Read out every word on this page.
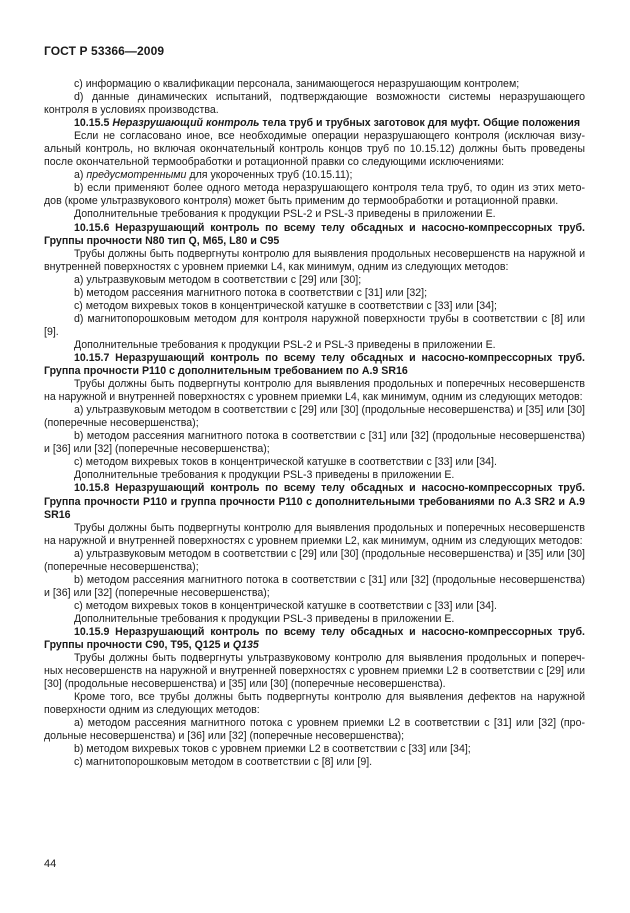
ГОСТ Р 53366—2009

c) информацию о квалификации персонала, занимающегося неразрушающим контролем;

d) данные динамических испытаний, подтверждающие возможности системы неразрушающего контроля в условиях производства.

10.15.5 Неразрушающий контроль тела труб и трубных заготовок для муфт. Общие положения

Если не согласовано иное, все необходимые операции неразрушающего контроля (исключая визуальный контроль, но включая окончательный контроль концов труб по 10.15.12) должны быть проведены после окончательной термообработки и ротационной правки со следующими исключениями:

a) предусмотренными для укороченных труб (10.15.11);

b) если применяют более одного метода неразрушающего контроля тела труб, то один из этих методов (кроме ультразвукового контроля) может быть применим до термообработки и ротационной правки.

Дополнительные требования к продукции PSL-2 и PSL-3 приведены в приложении Е.

10.15.6 Неразрушающий контроль по всему телу обсадных и насосно-компрессорных труб. Группы прочности N80 тип Q, M65, L80 и C95

Трубы должны быть подвергнуты контролю для выявления продольных несовершенств на наружной и внутренней поверхностях с уровнем приемки L4, как минимум, одним из следующих методов:

a) ультразвуковым методом в соответствии с [29] или [30];

b) методом рассеяния магнитного потока в соответствии с [31] или [32];

c) методом вихревых токов в концентрической катушке в соответствии с [33] или [34];

d) магнитопорошковым методом для контроля наружной поверхности трубы в соответствии с [8] или [9].

Дополнительные требования к продукции PSL-2 и PSL-3 приведены в приложении Е.

10.15.7 Неразрушающий контроль по всему телу обсадных и насосно-компрессорных труб. Группа прочности P110 с дополнительным требованием по A.9 SR16

Трубы должны быть подвергнуты контролю для выявления продольных и поперечных несовершенств на наружной и внутренней поверхностях с уровнем приемки L4, как минимум, одним из следующих методов:

a) ультразвуковым методом в соответствии с [29] или [30] (продольные несовершенства) и [35] или [30] (поперечные несовершенства);

b) методом рассеяния магнитного потока в соответствии с [31] или [32] (продольные несовершенства) и [36] или [32] (поперечные несовершенства);

c) методом вихревых токов в концентрической катушке в соответствии с [33] или [34].

Дополнительные требования к продукции PSL-3 приведены в приложении Е.

10.15.8 Неразрушающий контроль по всему телу обсадных и насосно-компрессорных труб. Группа прочности P110 и группа прочности P110 с дополнительными требованиями по A.3 SR2 и A.9 SR16

Трубы должны быть подвергнуты контролю для выявления продольных и поперечных несовершенств на наружной и внутренней поверхностях с уровнем приемки L2, как минимум, одним из следующих методов:

a) ультразвуковым методом в соответствии с [29] или [30] (продольные несовершенства) и [35] или [30] (поперечные несовершенства);

b) методом рассеяния магнитного потока в соответствии с [31] или [32] (продольные несовершенства) и [36] или [32] (поперечные несовершенства);

c) методом вихревых токов в концентрической катушке в соответствии с [33] или [34].

Дополнительные требования к продукции PSL-3 приведены в приложении Е.

10.15.9 Неразрушающий контроль по всему телу обсадных и насосно-компрессорных труб. Группы прочности C90, T95, Q125 и Q135

Трубы должны быть подвергнуты ультразвуковому контролю для выявления продольных и поперечных несовершенств на наружной и внутренней поверхностях с уровнем приемки L2 в соответствии с [29] или [30] (продольные несовершенства) и [35] или [30] (поперечные несовершенства).

Кроме того, все трубы должны быть подвергнуты контролю для выявления дефектов на наружной поверхности одним из следующих методов:

a) методом рассеяния магнитного потока с уровнем приемки L2 в соответствии с [31] или [32] (продольные несовершенства) и [36] или [32] (поперечные несовершенства);

b) методом вихревых токов с уровнем приемки L2 в соответствии с [33] или [34];

c) магнитопорошковым методом в соответствии с [8] или [9].

44
